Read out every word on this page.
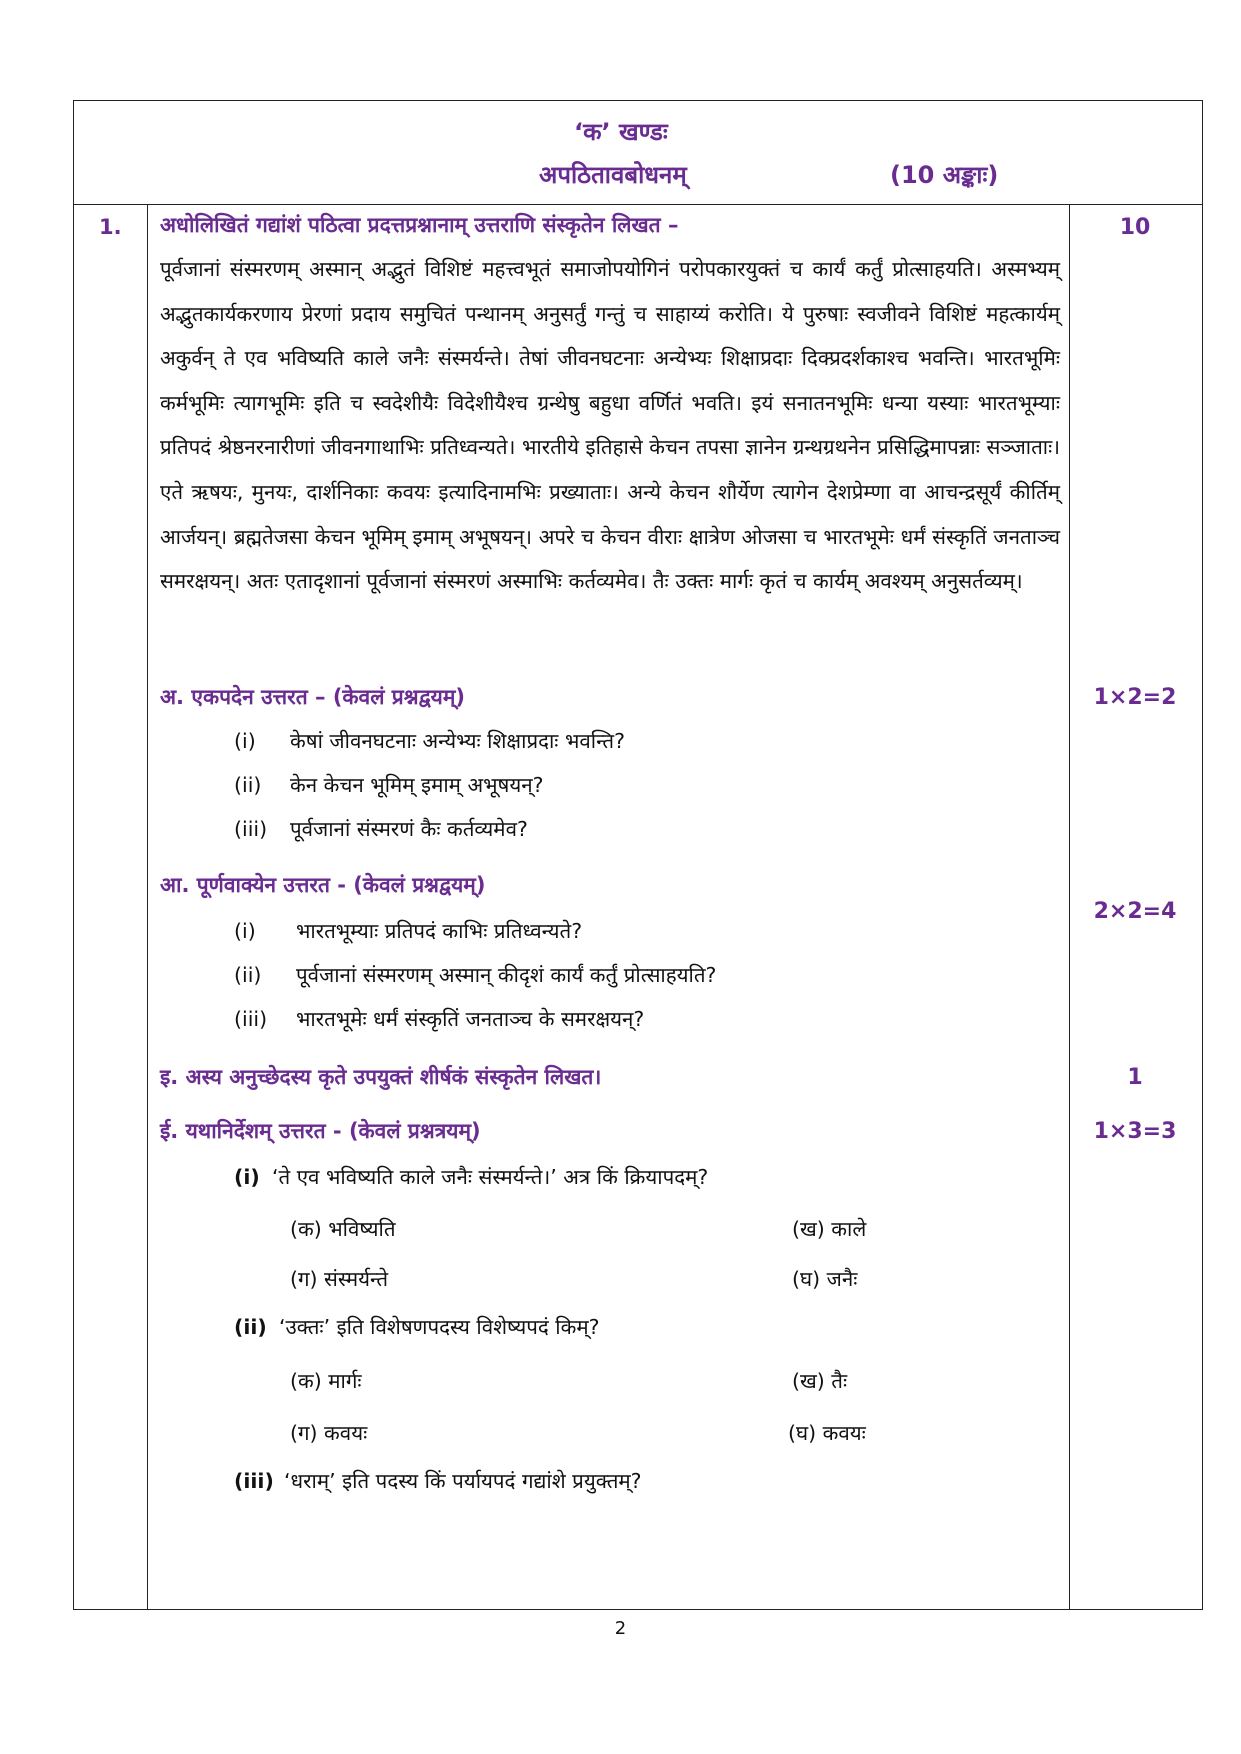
‘क’ खण्डः
अपठितावबोधनम्	(10 अङ्काः)
1.	10
अधोलिखितं गद्यांशं पठित्वा प्रदत्तप्रश्नानाम् उत्तराणि संस्कृतेन लिखत –
पूर्वजानां संस्मरणम् अस्मान् अद्भुतं विशिष्टं महत्त्वभूतं समाजोपयोगिनं परोपकारयुक्तं च कार्यं कर्तुं प्रोत्साहयति। अस्मभ्यम् अद्भुतकार्यकरणाय प्रेरणां प्रदाय समुचितं पन्थानम् अनुसर्तुं गन्तुं च साहाय्यं करोति। ये पुरुषाः स्वजीवने विशिष्टं महत्कार्यम् अकुर्वन् ते एव भविष्यति काले जनैः संस्मर्यन्ते। तेषां जीवनघटनाः अन्येभ्यः शिक्षाप्रदाः दिक्प्रदर्शकाश्च भवन्ति। भारतभूमिः कर्मभूमिः त्यागभूमिः इति च स्वदेशीयैः विदेशीयैश्च ग्रन्थेषु बहुधा वर्णितं भवति। इयं सनातनभूमिः धन्या यस्याः भारतभूम्याः प्रतिपदं श्रेष्ठनरनारीणां जीवनगाथाभिः प्रतिध्वन्यते। भारतीये इतिहासे केचन तपसा ज्ञानेन ग्रन्थग्रथनेन प्रसिद्धिमापन्नाः सञ्जाताः। एते ऋषयः, मुनयः, दार्शनिकाः कवयः इत्यादिनामभिः प्रख्याताः। अन्ये केचन शौर्येण त्यागेन देशप्रेम्णा वा आचन्द्रसूर्यं कीर्तिम् आर्जयन्। ब्रह्मतेजसा केचन भूमिम् इमाम् अभूषयन्। अपरे च केचन वीराः क्षात्रेण ओजसा च भारतभूमेः धर्मं संस्कृतिं जनताञ्च समरक्षयन्। अतः एतादृशानां पूर्वजानां संस्मरणं अस्माभिः कर्तव्यमेव। तैः उक्तः मार्गः कृतं च कार्यम् अवश्यम् अनुसर्तव्यम्।
अ. एकपदेन उत्तरत – (केवलं प्रश्नद्वयम्)	1×2=2
(i) केषां जीवनघटनाः अन्येभ्यः शिक्षाप्रदाः भवन्ति?
(ii) केन केचन भूमिम् इमाम् अभूषयन्?
(iii) पूर्वजानां संस्मरणं कैः कर्तव्यमेव?
आ. पूर्णवाक्येन उत्तरत - (केवलं प्रश्नद्वयम्)
2×2=4
(i) भारतभूम्याः प्रतिपदं काभिः प्रतिध्वन्यते?
(ii) पूर्वजानां संस्मरणम् अस्मान् कीदृशं कार्यं कर्तुं प्रोत्साहयति?
(iii) भारतभूमेः धर्मं संस्कृतिं जनताञ्च के समरक्षयन्?
इ. अस्य अनुच्छेदस्य कृते उपयुक्तं शीर्षकं संस्कृतेन लिखत।	1
ई. यथानिर्देशम् उत्तरत - (केवलं प्रश्नत्रयम्)	1×3=3
(i) ‘ते एव भविष्यति काले जनैः संस्मर्यन्ते।’ अत्र किं क्रियापदम्?
(क) भविष्यति	(ख) काले
(ग) संस्मर्यन्ते	(घ) जनैः
(ii) ‘उक्तः’ इति विशेषणपदस्य विशेष्यपदं किम्?
(क) मार्गः	(ख) तैः
(ग) कवयः	(घ) कवयः
(iii) ‘धराम्’ इति पदस्य किं पर्यायपदं गद्यांशे प्रयुक्तम्?
2
